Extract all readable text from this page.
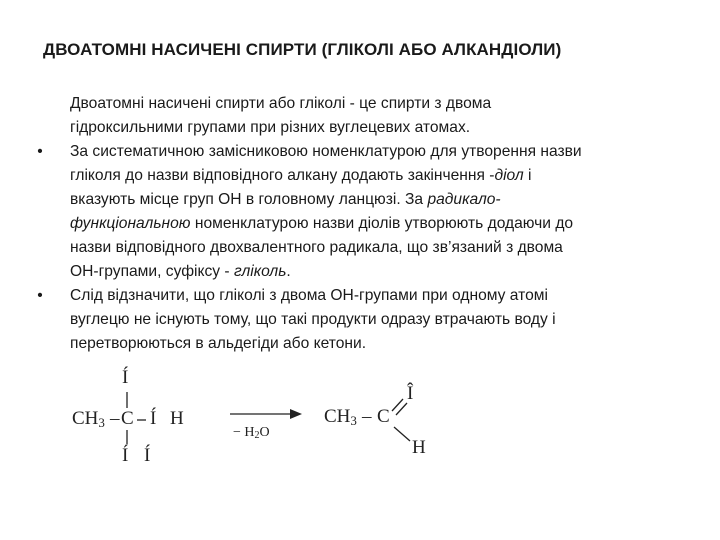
ДВОАТОМНІ НАСИЧЕНІ СПИРТИ (ГЛІКОЛІ АБО АЛКАНДІОЛИ)

Двоатомні насичені спирти або гліколі - це спирти з двома
гідроксильними групами при різних вуглецевих атомах.

•	За систематичною замісниковою номенклатурою для утворення назви
гліколя до назви відповідного алкану додають закінчення -діол і
вказують місце груп ОН в головному ланцюзі. За радикало-
функціональною номенклатурою назви діолів утворюють додаючи до
назви відповідного двохвалентного радикала, що зв’язаний з двома
ОН-групами, суфіксу - гліколь.

•	Слід відзначити, що гліколі з двома ОН-групами при одному атомі
вуглецю не існують тому, що такі продукти одразу втрачають воду і
перетворюються в альдегіди або кетони.

Í
$CH_3$ – C Í H
Í Í
− $H_2O$
$CH_3$ – C
Î
H
